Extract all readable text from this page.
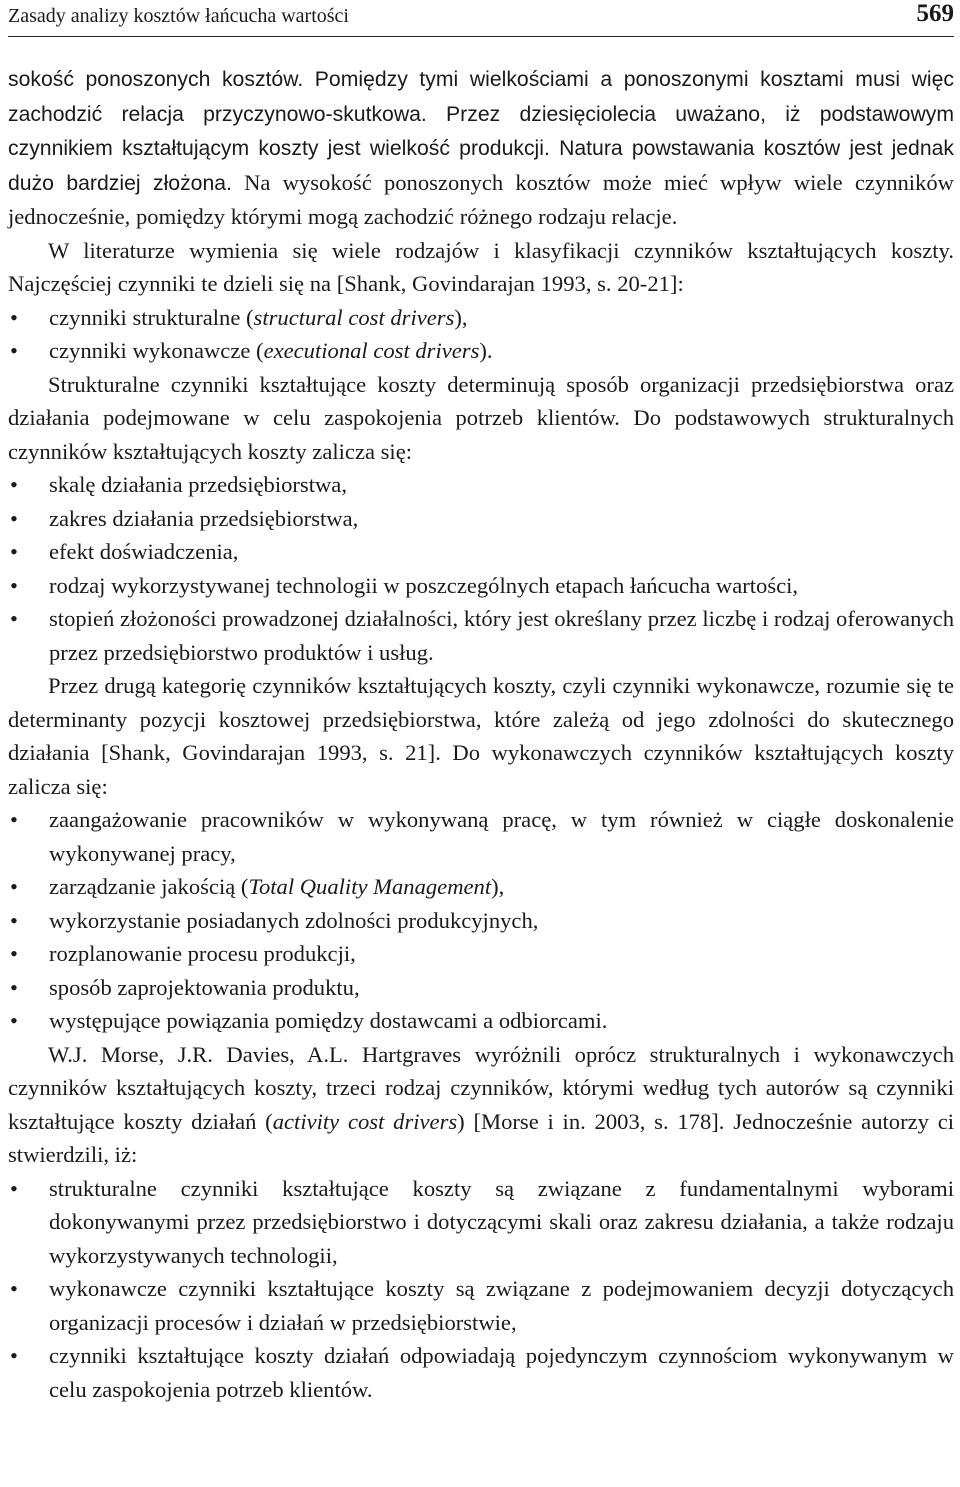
Zasady analizy kosztów łańcucha wartości	569

sokość ponoszonych kosztów. Pomiędzy tymi wielkościami a ponoszonymi kosztami musi więc zachodzić relacja przyczynowo-skutkowa. Przez dziesięciolecia uważano, iż podstawowym czynnikiem kształtującym koszty jest wielkość produkcji. Natura powstawania kosztów jest jednak dużo bardziej złożona. Na wysokość ponoszonych kosztów może mieć wpływ wiele czynników jednocześnie, pomiędzy którymi mogą zachodzić różnego rodzaju relacje.

W literaturze wymienia się wiele rodzajów i klasyfikacji czynników kształtujących koszty. Najczęściej czynniki te dzieli się na [Shank, Govindarajan 1993, s. 20-21]:

• czynniki strukturalne (structural cost drivers),
• czynniki wykonawcze (executional cost drivers).

Strukturalne czynniki kształtujące koszty determinują sposób organizacji przedsiębiorstwa oraz działania podejmowane w celu zaspokojenia potrzeb klientów. Do podstawowych strukturalnych czynników kształtujących koszty zalicza się:

• skalę działania przedsiębiorstwa,
• zakres działania przedsiębiorstwa,
• efekt doświadczenia,
• rodzaj wykorzystywanej technologii w poszczególnych etapach łańcucha wartości,
• stopień złożoności prowadzonej działalności, który jest określany przez liczbę i rodzaj oferowanych przez przedsiębiorstwo produktów i usług.

Przez drugą kategorię czynników kształtujących koszty, czyli czynniki wykonawcze, rozumie się te determinanty pozycji kosztowej przedsiębiorstwa, które zależą od jego zdolności do skutecznego działania [Shank, Govindarajan 1993, s. 21]. Do wykonawczych czynników kształtujących koszty zalicza się:

• zaangażowanie pracowników w wykonywaną pracę, w tym również w ciągłe doskonalenie wykonywanej pracy,
• zarządzanie jakością (Total Quality Management),
• wykorzystanie posiadanych zdolności produkcyjnych,
• rozplanowanie procesu produkcji,
• sposób zaprojektowania produktu,
• występujące powiązania pomiędzy dostawcami a odbiorcami.

W.J. Morse, J.R. Davies, A.L. Hartgraves wyróżnili oprócz strukturalnych i wykonawczych czynników kształtujących koszty, trzeci rodzaj czynników, którymi według tych autorów są czynniki kształtujące koszty działań (activity cost drivers) [Morse i in. 2003, s. 178]. Jednocześnie autorzy ci stwierdzili, iż:

• strukturalne czynniki kształtujące koszty są związane z fundamentalnymi wyborami dokonywanymi przez przedsiębiorstwo i dotyczącymi skali oraz zakresu działania, a także rodzaju wykorzystywanych technologii,
• wykonawcze czynniki kształtujące koszty są związane z podejmowaniem decyzji dotyczących organizacji procesów i działań w przedsiębiorstwie,
• czynniki kształtujące koszty działań odpowiadają pojedynczym czynnościom wykonywanym w celu zaspokojenia potrzeb klientów.
